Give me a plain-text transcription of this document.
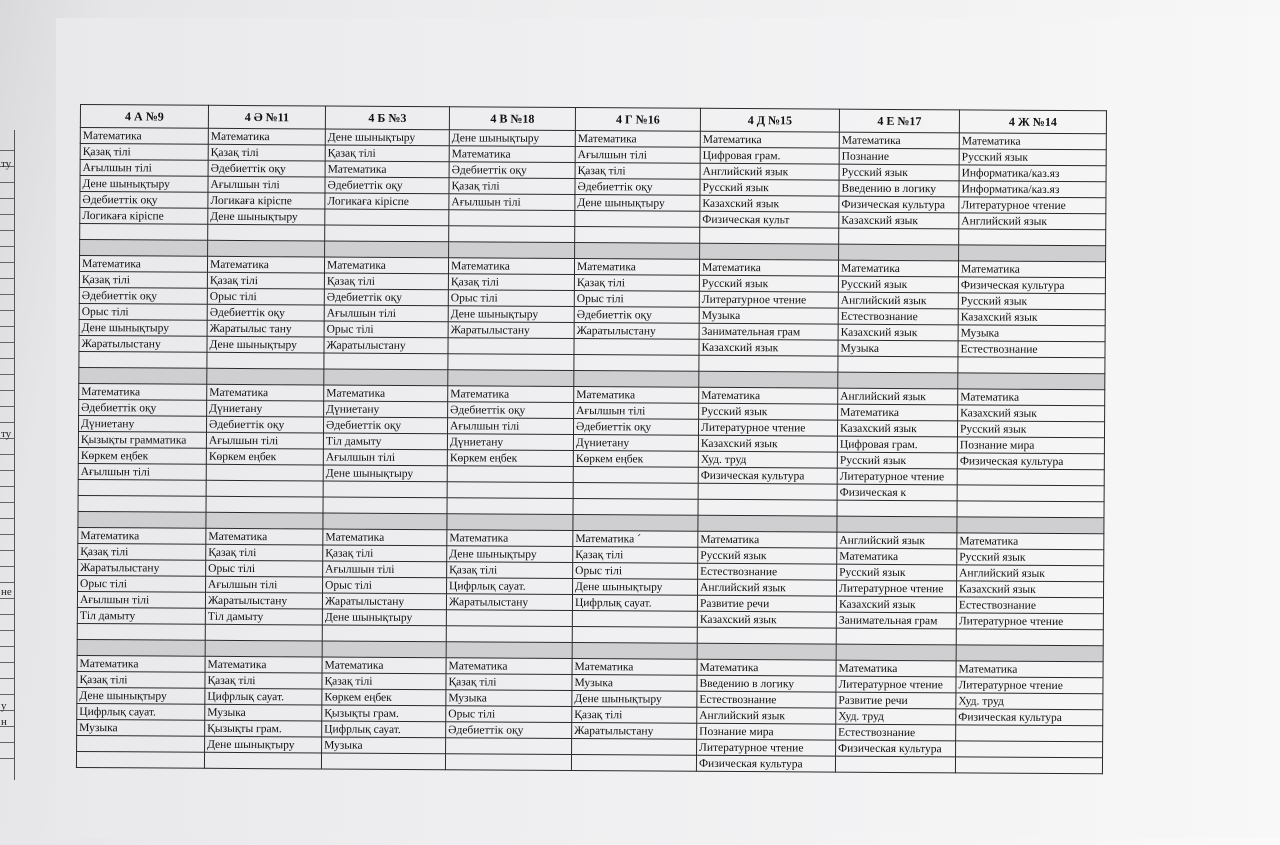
ту
ту
не
у
н
4 А №9	4 Ә №11	4 Б №3	4 В №18	4 Г №16	4 Д №15	4 Е №17	4 Ж №14
Математика	Математика	Дене шынықтыру	Дене шынықтыру	Математика	Математика	Математика	Математика
Қазақ тілі	Қазақ тілі	Қазақ тілі	Математика	Ағылшын тілі	Цифровая грам.	Познание	Русский язык
Ағылшын тілі	Әдебиеттік оқу	Математика	Әдебиеттік оқу	Қазақ тілі	Английский язык	Русский язык	Информатика/каз.яз
Дене шынықтыру	Ағылшын тілі	Әдебиеттік оқу	Қазақ тілі	Әдебиеттік оқу	Русский язык	Введению в логику	Информатика/каз.яз
Әдебиеттік оқу	Логикаға кіріспе	Логикаға кіріспе	Ағылшын тілі	Дене шынықтыру	Казахский язык	Физическая культура	Литературное чтение
Логикаға кіріспе	Дене шынықтыру				Физическая культ	Казахский язык	Английский язык

Математика	Математика	Математика	Математика	Математика	Математика	Математика	Математика
Қазақ тілі	Қазақ тілі	Қазақ тілі	Қазақ тілі	Қазақ тілі	Русский язык	Русский язык	Физическая культура
Әдебиеттік оқу	Орыс тілі	Әдебиеттік оқу	Орыс тілі	Орыс тілі	Литературное чтение	Английский язык	Русский язык
Орыс тілі	Әдебиеттік оқу	Ағылшын тілі	Дене шынықтыру	Әдебиеттік оқу	Музыка	Естествознание	Казахский язык
Дене шынықтыру	Жаратылыс тану	Орыс тілі	Жаратылыстану	Жаратылыстану	Занимательная грам	Казахский язык	Музыка
Жаратылыстану	Дене шынықтыру	Жаратылыстану			Казахский язык	Музыка	Естествознание

Математика	Математика	Математика	Математика	Математика	Математика	Английский язык	Математика
Әдебиеттік оқу	Дүниетану	Дүниетану	Әдебиеттік оқу	Ағылшын тілі	Русский язык	Математика	Казахский язык
Дүниетану	Әдебиеттік оқу	Әдебиеттік оқу	Ағылшын тілі	Әдебиеттік оқу	Литературное чтение	Казахский язык	Русский язык
Қызықты грамматика	Ағылшын тілі	Тіл дамыту	Дүниетану	Дүниетану	Казахский язык	Цифровая грам.	Познание мира
Көркем еңбек	Көркем еңбек	Ағылшын тілі	Көркем еңбек	Көркем еңбек	Худ. труд	Русский язык	Физическая культура
Ағылшын тілі		Дене шынықтыру			Физическая культура	Литературное чтение	
						Физическая к	

Математика	Математика	Математика	Математика	Математика ´	Математика	Английский язык	Математика
Қазақ тілі	Қазақ тілі	Қазақ тілі	Дене шынықтыру	Қазақ тілі	Русский язык	Математика	Русский язык
Жаратылыстану	Орыс тілі	Ағылшын тілі	Қазақ тілі	Орыс тілі	Естествознание	Русский язык	Английский язык
Орыс тілі	Ағылшын тілі	Орыс тілі	Цифрлық сауат.	Дене шынықтыру	Английский язык	Литературное чтение	Казахский язык
Ағылшын тілі	Жаратылыстану	Жаратылыстану	Жаратылыстану	Цифрлық сауат.	Развитие речи	Казахский язык	Естествознание
Тіл дамыту	Тіл дамыту	Дене шынықтыру			Казахский язык	Занимательная грам	Литературное чтение

Математика	Математика	Математика	Математика	Математика	Математика	Математика	Математика
Қазақ тілі	Қазақ тілі	Қазақ тілі	Қазақ тілі	Музыка	Введению в логику	Литературное чтение	Литературное чтение
Дене шынықтыру	Цифрлық сауат.	Көркем еңбек	Музыка	Дене шынықтыру	Естествознание	Развитие речи	Худ. труд
Цифрлық сауат.	Музыка	Қызықты грам.	Орыс тілі	Қазақ тілі	Английский язык	Худ. труд	Физическая культура
Музыка	Қызықты грам.	Цифрлық сауат.	Әдебиеттік оқу	Жаратылыстану	Познание мира	Естествознание	
	Дене шынықтыру	Музыка			Литературное чтение	Физическая культура	
					Физическая культура		
